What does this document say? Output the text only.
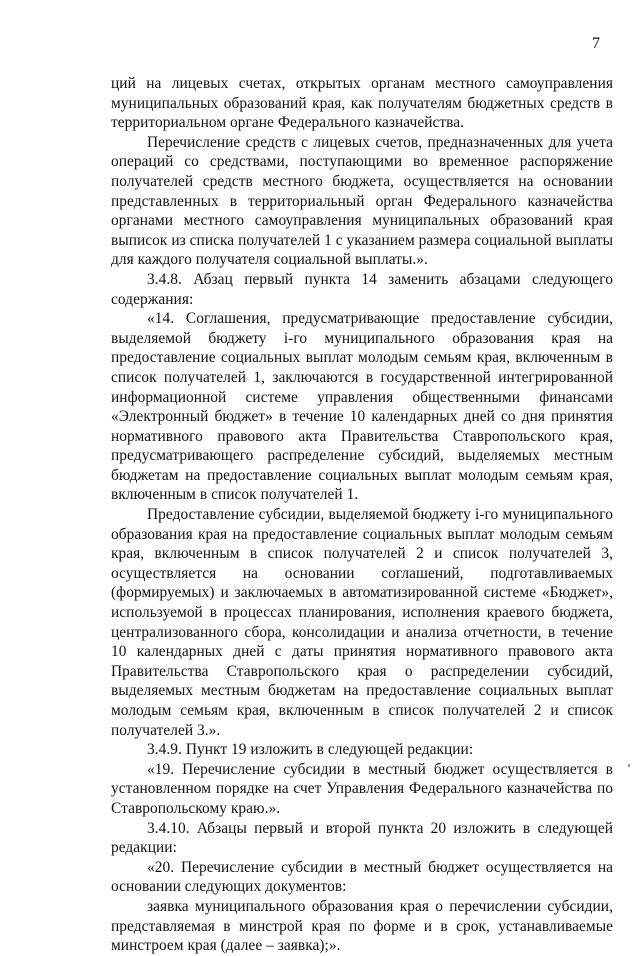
7

ций на лицевых счетах, открытых органам местного самоуправления муниципальных образований края, как получателям бюджетных средств в территориальном органе Федерального казначейства.

Перечисление средств с лицевых счетов, предназначенных для учета операций со средствами, поступающими во временное распоряжение получателей средств местного бюджета, осуществляется на основании представленных в территориальный орган Федерального казначейства органами местного самоуправления муниципальных образований края выписок из списка получателей 1 с указанием размера социальной выплаты для каждого получателя социальной выплаты.».

3.4.8. Абзац первый пункта 14 заменить абзацами следующего содержания:

«14. Соглашения, предусматривающие предоставление субсидии, выделяемой бюджету i-го муниципального образования края на предоставление социальных выплат молодым семьям края, включенным в список получателей 1, заключаются в государственной интегрированной информационной системе управления общественными финансами «Электронный бюджет» в течение 10 календарных дней со дня принятия нормативного правового акта Правительства Ставропольского края, предусматривающего распределение субсидий, выделяемых местным бюджетам на предоставление социальных выплат молодым семьям края, включенным в список получателей 1.

Предоставление субсидии, выделяемой бюджету i-го муниципального образования края на предоставление социальных выплат молодым семьям края, включенным в список получателей 2 и список получателей 3, осуществляется на основании соглашений, подготавливаемых (формируемых) и заключаемых в автоматизированной системе «Бюджет», используемой в процессах планирования, исполнения краевого бюджета, централизованного сбора, консолидации и анализа отчетности, в течение 10 календарных дней с даты принятия нормативного правового акта Правительства Ставропольского края о распределении субсидий, выделяемых местным бюджетам на предоставление социальных выплат молодым семьям края, включенным в список получателей 2 и список получателей 3.».

3.4.9. Пункт 19 изложить в следующей редакции:

«19. Перечисление субсидии в местный бюджет осуществляется в установленном порядке на счет Управления Федерального казначейства по Ставропольскому краю.».

3.4.10. Абзацы первый и второй пункта 20 изложить в следующей редакции:

«20. Перечисление субсидии в местный бюджет осуществляется на основании следующих документов:

заявка муниципального образования края о перечислении субсидии, представляемая в минстрой края по форме и в срок, устанавливаемые минстроем края (далее – заявка);».
